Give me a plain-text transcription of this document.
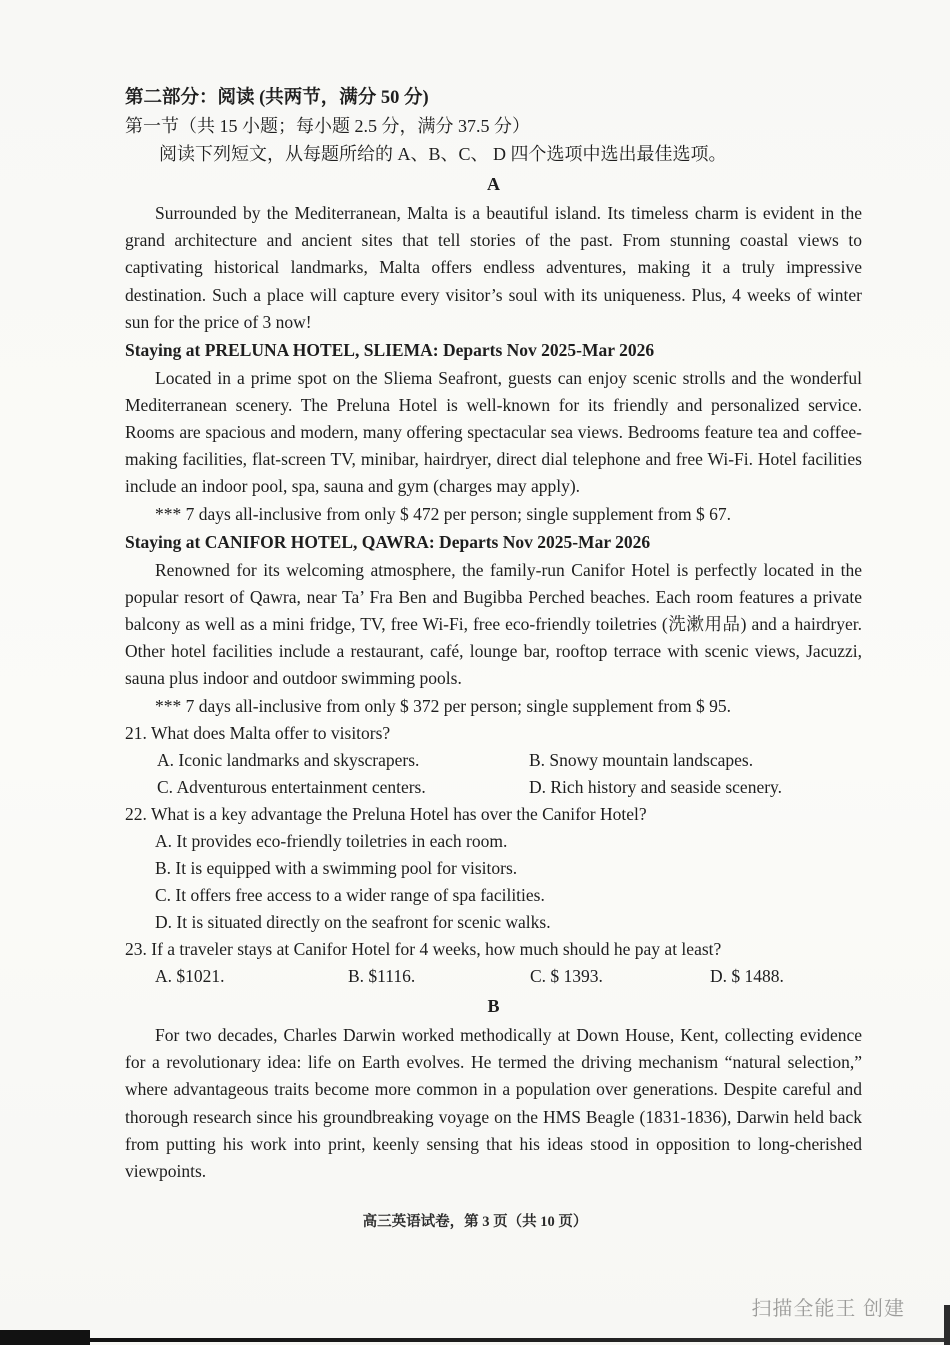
第二部分：阅读 (共两节，满分 50 分)
第一节（共 15 小题；每小题 2.5 分，满分 37.5 分）
阅读下列短文，从每题所给的 A、B、C、 D 四个选项中选出最佳选项。
A

Surrounded by the Mediterranean, Malta is a beautiful island. Its timeless charm is evident in the grand architecture and ancient sites that tell stories of the past. From stunning coastal views to captivating historical landmarks, Malta offers endless adventures, making it a truly impressive destination. Such a place will capture every visitor’s soul with its uniqueness. Plus, 4 weeks of winter sun for the price of 3 now!

Staying at PRELUNA HOTEL, SLIEMA: Departs Nov 2025-Mar 2026

Located in a prime spot on the Sliema Seafront, guests can enjoy scenic strolls and the wonderful Mediterranean scenery. The Preluna Hotel is well-known for its friendly and personalized service. Rooms are spacious and modern, many offering spectacular sea views. Bedrooms feature tea and coffee-making facilities, flat-screen TV, minibar, hairdryer, direct dial telephone and free Wi-Fi. Hotel facilities include an indoor pool, spa, sauna and gym (charges may apply).

*** 7 days all-inclusive from only $ 472 per person; single supplement from $ 67.

Staying at CANIFOR HOTEL, QAWRA: Departs Nov 2025-Mar 2026

Renowned for its welcoming atmosphere, the family-run Canifor Hotel is perfectly located in the popular resort of Qawra, near Ta’ Fra Ben and Bugibba Perched beaches. Each room features a private balcony as well as a mini fridge, TV, free Wi-Fi, free eco-friendly toiletries (洗漱用品) and a hairdryer. Other hotel facilities include a restaurant, café, lounge bar, rooftop terrace with scenic views, Jacuzzi, sauna plus indoor and outdoor swimming pools.

*** 7 days all-inclusive from only $ 372 per person; single supplement from $ 95.

21. What does Malta offer to visitors?
A. Iconic landmarks and skyscrapers.	B. Snowy mountain landscapes.
C. Adventurous entertainment centers.	D. Rich history and seaside scenery.
22. What is a key advantage the Preluna Hotel has over the Canifor Hotel?
A. It provides eco-friendly toiletries in each room.
B. It is equipped with a swimming pool for visitors.
C. It offers free access to a wider range of spa facilities.
D. It is situated directly on the seafront for scenic walks.
23. If a traveler stays at Canifor Hotel for 4 weeks, how much should he pay at least?
A. $1021.	B. $1116.	C. $ 1393.	D. $ 1488.
B

For two decades, Charles Darwin worked methodically at Down House, Kent, collecting evidence for a revolutionary idea: life on Earth evolves. He termed the driving mechanism “natural selection,” where advantageous traits become more common in a population over generations. Despite careful and thorough research since his groundbreaking voyage on the HMS Beagle (1831-1836), Darwin held back from putting his work into print, keenly sensing that his ideas stood in opposition to long-cherished viewpoints.

高三英语试卷，第 3 页（共 10 页）
扫描全能王 创建
